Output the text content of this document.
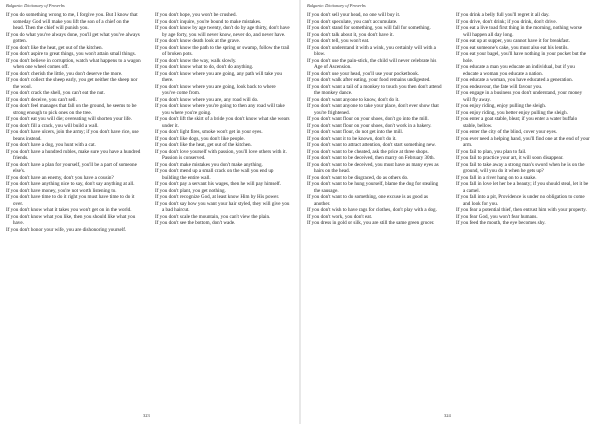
Bulgaria: Dictionary of Proverbs

If you do something wrong to me, I forgive you. But I know that someday God will make you lift the son of a chief on the head. Then the chief will punish you.

If you do what you've always done, you'll get what you've always gotten.

If you don't like the heat, get out of the kitchen.

If you don't aspire to great things, you won't attain small things.

If you don't believe in corruption, watch what happens to a wagon when one wheel comes off.

If you don't cherish the little, you don't deserve the more.

If you don't collect the sheep early, you get neither the sheep nor the wool.

If you don't crack the shell, you can't eat the nut.

If you don't deceive, you can't sell.

If you don't feel manages that fall on the ground, he seems to be strong enough to pick ones on the tree.

If you don't eat you will die; overeating will shorten your life.

If you don't fill a crack, you will build a wall.

If you don't have ulcers, join the army; if you don't have rice, use beans instead.

If you don't have a dog, you hunt with a cat.

If you don't have a hundred rubles, make sure you have a hundred friends.

If you don't have a plan for yourself, you'll be a part of someone else's.

If you don't have an enemy, don't you have a cousin?

If you don't have anything nice to say, don't say anything at all.

If you don't have money, you're not worth listening to.

If you don't have time to do it right you must have time to do it over.

If you don't know what it takes you won't get on in the world.

If you don't know what you like, then you should like what you have.

If you don't honor your wife, you are dishonoring yourself.

If you don't hope, you won't be crushed.

If you don't inquire, you're bound to make mistakes.

If you don't know by age twenty, don't do by age thirty, don't have by age forty, you will never know, never do, and never have.

If you don't know death look at the grave.

If you don't know the path to the spring or swamp, follow the trail of broken pots.

If you don't know the way, walk slowly.

If you don't know what to do, don't do anything.

If you don't know where you are going, any path will take you there.

If you don't know where you are going, look back to where you've come from.

If you don't know where you are, any road will do.

If you don't know where you're going to then any road will take you where you're going.

If you don't lift the skirt of a bride you don't know what she wears under it.

If you don't light fires, smoke won't get in your eyes.

If you don't like dogs, you don't like people.

If you don't like the heat, get out of the kitchen.

If you don't love yourself with passion, you'll love others with it. Passion is conserved.

If you don't make mistakes you don't make anything.

If you don't mend up a small crack on the wall you end up building the entire wall.

If you don't pay a servant his wages, then he will pay himself.

If you don't plant, you get nothing.

If you don't recognize God, at least know Him by His power.

If you don't say how you want your hair styled, they will give you a bad haircut.

If you don't scale the mountain, you can't view the plain.

If you don't see the bottom, don't wade.

323
Bulgaria: Dictionary of Proverbs

If you don't sell your head, no one will buy it.

If you don't speculate, you can't accumulate.

If you don't stand for something, you will fall for something.

If you don't talk about it, you don't have it.

If you don't tell, you won't eat.

If you don't understand it with a wink, you certainly will with a blow.

If you don't use the pain-stick, the child will never celebrate his Age of Ascension.

If you don't use your head, you'll use your pocketbook.

If you don't walk after eating, your food remains undigested.

If you don't want a tail of a monkey to touch you then don't attend the monkey dance.

If you don't want anyone to know, don't do it.

If you don't want anyone to take your place, don't ever show that you're frightened.

If you don't want flour on your shoes, don't go into the mill.

If you don't want flour on your shoes, don't work in a bakery.

If you don't want flour, do not get into the mill.

If you don't want it to be known, don't do it.

If you don't want to attract attention, don't start something new.

If you don't want to be cheated, ask the price at three shops.

If you don't want to be deceived, then marry on February 30th.

If you don't want to be deceived, you must have as many eyes as hairs on the head.

If you don't want to be disgraced, do as others do.

If you don't want to be hung yourself, blame the dog for stealing the sausage.

If you don't want to do something, one excuse is as good as another.

If you don't wish to have rags for clothes, don't play with a dog.

If you don't work, you don't eat.

If you dress in gold or silk, you are still the same green grocer.

If you drink a belly full you'll regret it all day.

If you drive, don't drink; if you drink, don't drive.

If you eat a live toad first thing in the morning, nothing worse will happen all day long.

If you eat up at supper, you cannot have it for breakfast.

If you eat someone's cake, you must also eat his lentils.

If you eat your bagel, you'll have nothing in your pocket but the hole.

If you educate a man you educate an individual, but if you educate a woman you educate a nation.

If you educate a woman, you have educated a generation.

If you endeavour, the fate will favour you.

If you engage in a business you don't understand, your money will fly away.

If you enjoy riding, enjoy pulling the sleigh.

If you enjoy riding, you better enjoy pulling the sleigh.

If you enter a goat stable, bleat; if you enter a water buffalo stable, bellow.

If you enter the city of the blind, cover your eyes.

If you ever need a helping hand, you'll find one at the end of your arm.

If you fail to plan, you plan to fail.

If you fail to practice your art, it will soon disappear.

If you fail to take away a strong man's sword when he is on the ground, will you do it when he gets up?

If you fall in a river hang on to a snake.

If you fall in love let her be a beauty; if you should steal, let it be a camel.

If you fall into a pit, Providence is under no obligation to come and look for you.

If you fear a potential thief, then entrust him with your property.

If you fear God, you won't fear humans.

If you feed the mouth, the eye becomes shy.

324
